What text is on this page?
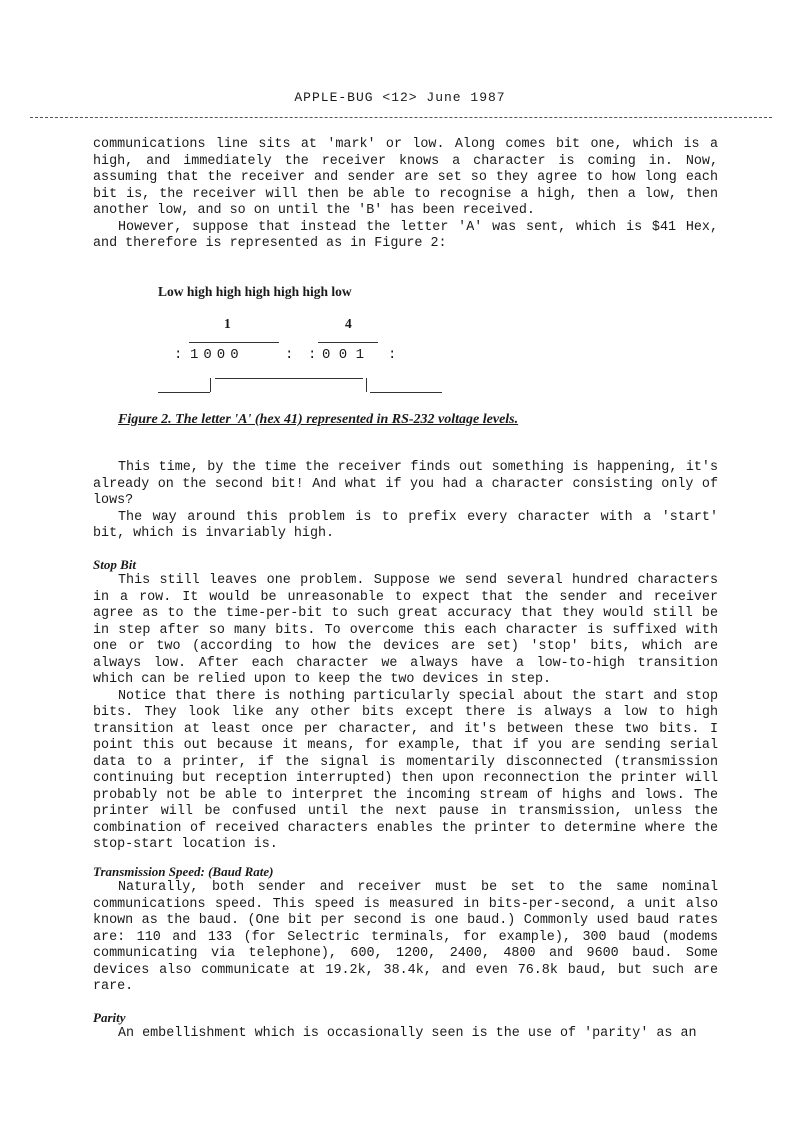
APPLE-BUG <12> June 1987

communications line sits at 'mark' or low. Along comes bit one, which is a high, and immediately the receiver knows a character is coming in. Now, assuming that the receiver and sender are set so they agree to how long each bit is, the receiver will then be able to recognise a high, then a low, then another low, and so on until the 'B' has been received.

However, suppose that instead the letter 'A' was sent, which is $41 Hex, and therefore is represented as in Figure 2:

Low high high high high high low
1	4
: 1000	: : 0 0 1 :
Figure 2. The letter 'A' (hex 41) represented in RS-232 voltage levels.

This time, by the time the receiver finds out something is happening, it's already on the second bit! And what if you had a character consisting only of lows?

The way around this problem is to prefix every character with a 'start' bit, which is invariably high.

Stop Bit

This still leaves one problem. Suppose we send several hundred characters in a row. It would be unreasonable to expect that the sender and receiver agree as to the time-per-bit to such great accuracy that they would still be in step after so many bits. To overcome this each character is suffixed with one or two (according to how the devices are set) 'stop' bits, which are always low. After each character we always have a low-to-high transition which can be relied upon to keep the two devices in step.

Notice that there is nothing particularly special about the start and stop bits. They look like any other bits except there is always a low to high transition at least once per character, and it's between these two bits. I point this out because it means, for example, that if you are sending serial data to a printer, if the signal is momentarily disconnected (transmission continuing but reception interrupted) then upon reconnection the printer will probably not be able to interpret the incoming stream of highs and lows. The printer will be confused until the next pause in transmission, unless the combination of received characters enables the printer to determine where the stop-start location is.

Transmission Speed: (Baud Rate)

Naturally, both sender and receiver must be set to the same nominal communications speed. This speed is measured in bits-per-second, a unit also known as the baud. (One bit per second is one baud.) Commonly used baud rates are: 110 and 133 (for Selectric terminals, for example), 300 baud (modems communicating via telephone), 600, 1200, 2400, 4800 and 9600 baud. Some devices also communicate at 19.2k, 38.4k, and even 76.8k baud, but such are rare.

Parity

An embellishment which is occasionally seen is the use of 'parity' as an
